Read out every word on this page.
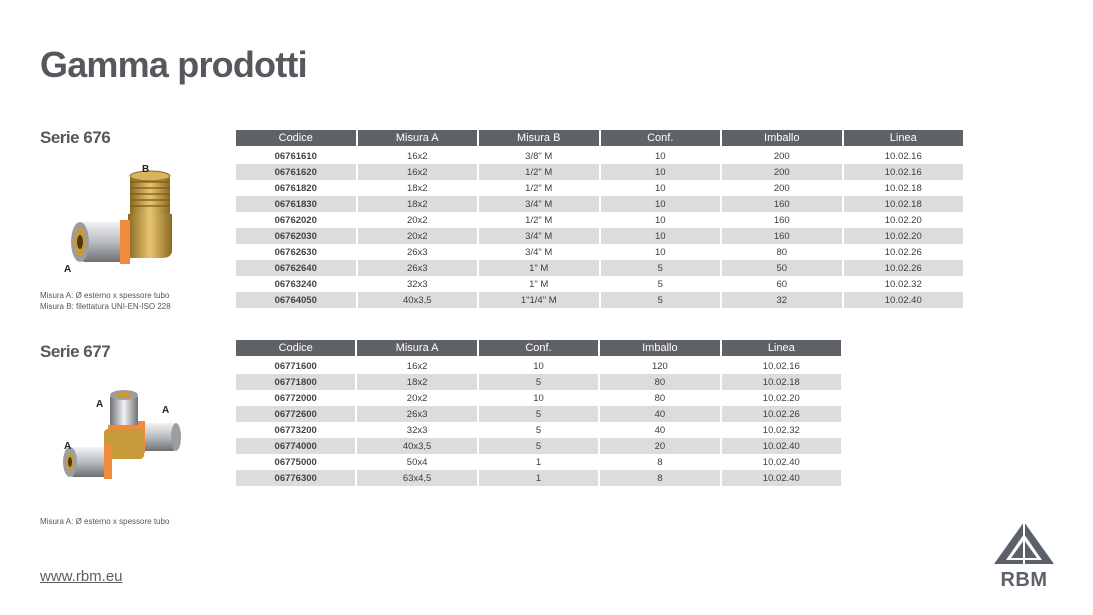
Gamma prodotti
Serie 676
B
A
Misura A: Ø esterno x spessore tubo
Misura B: filettatura UNI-EN-ISO 228
Codice	Misura A	Misura B	Conf.	Imballo	Linea
06761610	16x2	3/8" M	10	200	10.02.16
06761620	16x2	1/2" M	10	200	10.02.16
06761820	18x2	1/2" M	10	200	10.02.18
06761830	18x2	3/4" M	10	160	10.02.18
06762020	20x2	1/2" M	10	160	10.02.20
06762030	20x2	3/4" M	10	160	10.02.20
06762630	26x3	3/4" M	10	80	10.02.26
06762640	26x3	1" M	5	50	10.02.26
06763240	32x3	1" M	5	60	10.02.32
06764050	40x3,5	1"1/4" M	5	32	10.02.40
Serie 677
A
A
A
Misura A: Ø esterno x spessore tubo
Codice	Misura A	Conf.	Imballo	Linea
06771600	16x2	10	120	10.02.16
06771800	18x2	5	80	10.02.18
06772000	20x2	10	80	10.02.20
06772600	26x3	5	40	10.02.26
06773200	32x3	5	40	10.02.32
06774000	40x3,5	5	20	10.02.40
06775000	50x4	1	8	10.02.40
06776300	63x4,5	1	8	10.02.40
www.rbm.eu	RBM
